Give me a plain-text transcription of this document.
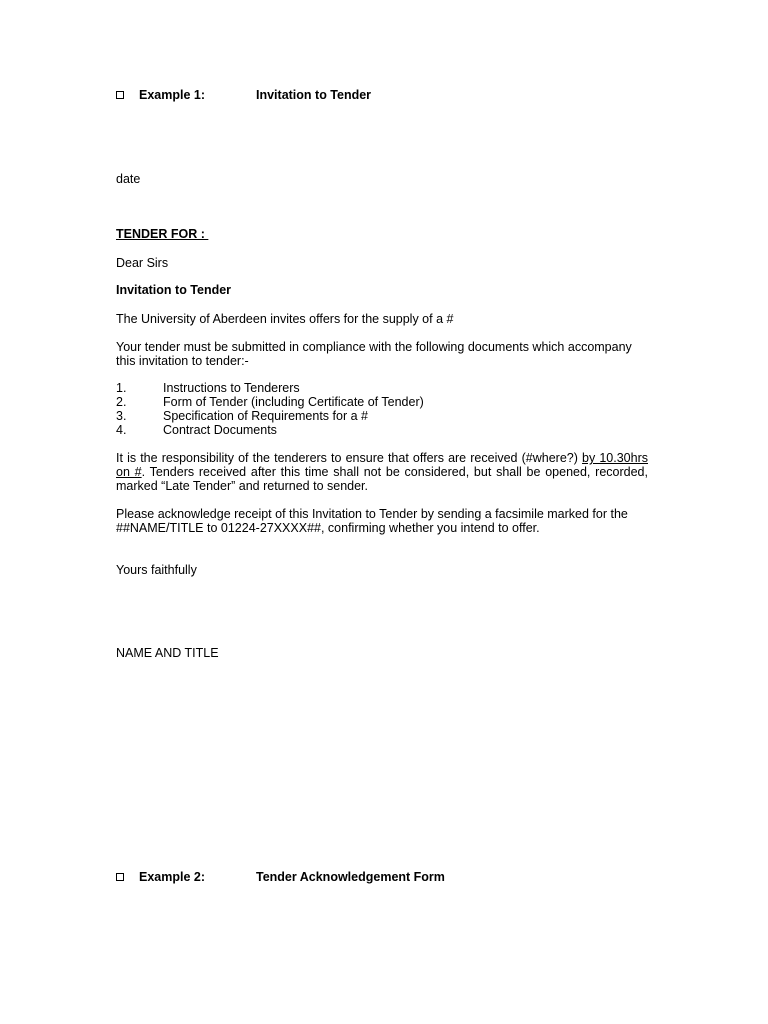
Example 1:	Invitation to Tender
date
TENDER FOR :
Dear Sirs
Invitation to Tender
The University of Aberdeen invites offers for the supply of a #
Your tender must be submitted in compliance with the following documents which accompany this invitation to tender:-
1.	Instructions to Tenderers
2.	Form of Tender (including Certificate of Tender)
3.	Specification of Requirements for a #
4.	Contract Documents
It is the responsibility of the tenderers to ensure that offers are received (#where?) by 10.30hrs on #. Tenders received after this time shall not be considered, but shall be opened, recorded, marked “Late Tender” and returned to sender.
Please acknowledge receipt of this Invitation to Tender by sending a facsimile marked for the ##NAME/TITLE to 01224-27XXXX##, confirming whether you intend to offer.
Yours faithfully
NAME AND TITLE
Example 2:	Tender Acknowledgement Form
